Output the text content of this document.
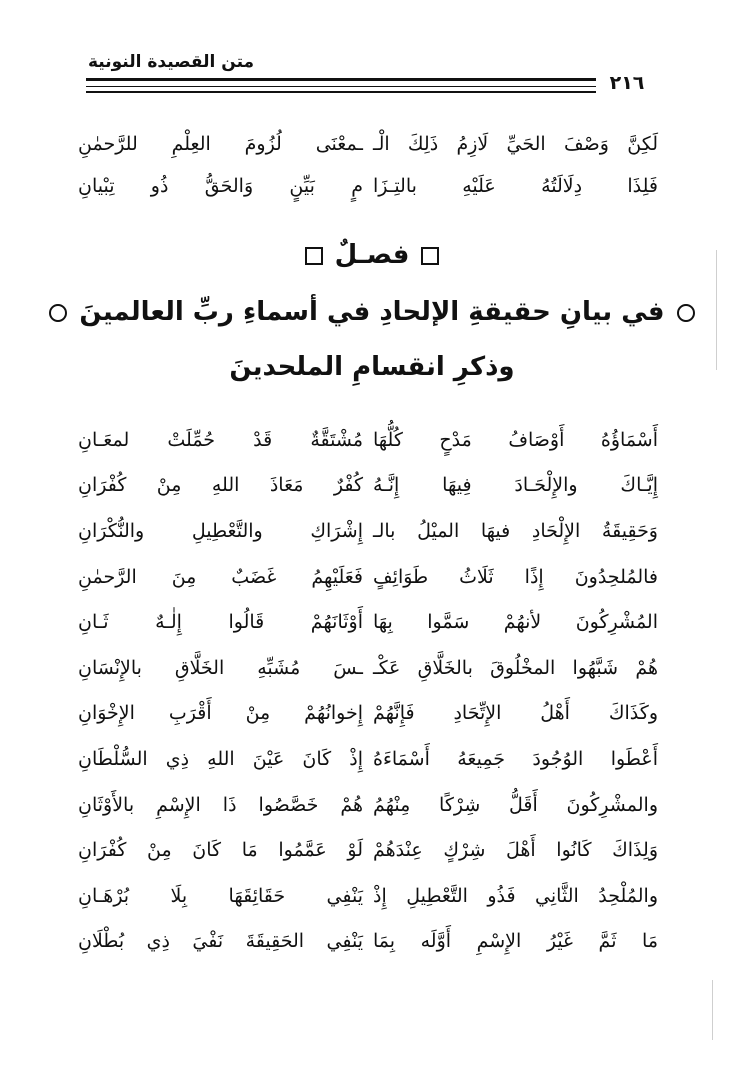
متن القصيدة النونية
٢١٦
لَكِنَّ وَصْفَ الحَيِّ لَازِمُ ذَلِكَ الْـ
ـمعْنَى لُزُومَ العِلْمِ للرَّحمٰنِ
فَلِذَا دِلَالَتُهُ عَلَيْهِ بالتِـزَا
مٍ بَيِّنٍ وَالحَقُّ ذُو تِبْيانِ
فصـلٌ
في بيانِ حقيقةِ الإلحادِ في أسماءِ ربِّ العالمينَ
وذكرِ انقسامِ الملحدينَ
أَسْمَاؤُهُ أَوْصَافُ مَدْحٍ كُلُّهَا
مُشْتَقَّةٌ قَدْ حُمِّلَتْ لمعَـانِ
إِيَّـاكَ والإِلْحَـادَ فِيهَا إِنَّـهُ
كُفْرٌ مَعَاذَ اللهِ مِنْ كُفْرَانِ
وَحَقِيقَةُ الإِلْحَادِ فيهَا الميْلُ بالـ
إِشْرَاكِ والتَّعْطِيلِ والنُّكْرَانِ
فالمُلحِدُونَ إِذًا ثَلَاثُ طَوَائِفٍ
فَعَلَيْهِمُ غَضَبٌ مِنَ الرَّحمٰنِ
المُشْرِكُونَ لأنهُمْ سَمَّوا بِهَا
أَوْثَانَهُمْ قَالُوا إِلٰـهٌ ثَـانِ
هُمْ شَبَّهُوا المخْلُوقَ بالخَلَّاقِ عَكْـ
ـسَ مُشَبِّهِ الخَلَّاقِ بالإِنْسَانِ
وكَذَاكَ أَهْلُ الإِتِّحَادِ فَإِنَّهُمْ
إِخوانُهُمْ مِنْ أَقْرَبِ الإِخْوَانِ
أَعْطَوا الوُجُودَ جَمِيعَهُ أَسْمَاءَهُ
إِذْ كَانَ عَيْنَ اللهِ ذِي السُّلْطَانِ
والمشْرِكُونَ أَقَلُّ شِرْكًا مِنْهُمُ
هُمْ خَصَّصُوا ذَا الإِسْمِ بالأَوْثَانِ
وَلِذَاكَ كَانُوا أَهْلَ شِرْكٍ عِنْدَهُمْ
لَوْ عَمَّمُوا مَا كَانَ مِنْ كُفْرَانِ
والمُلْحِدُ الثَّانِي فَذُو التَّعْطِيلِ إِذْ
يَنْفِي حَقَائِقَهَا بِلَا بُرْهَـانِ
مَا ثَمَّ غَيْرُ الإِسْمِ أَوَّلَه بِمَا
يَنْفِي الحَقِيقَةَ نَفْيَ ذِي بُطْلَانِ
